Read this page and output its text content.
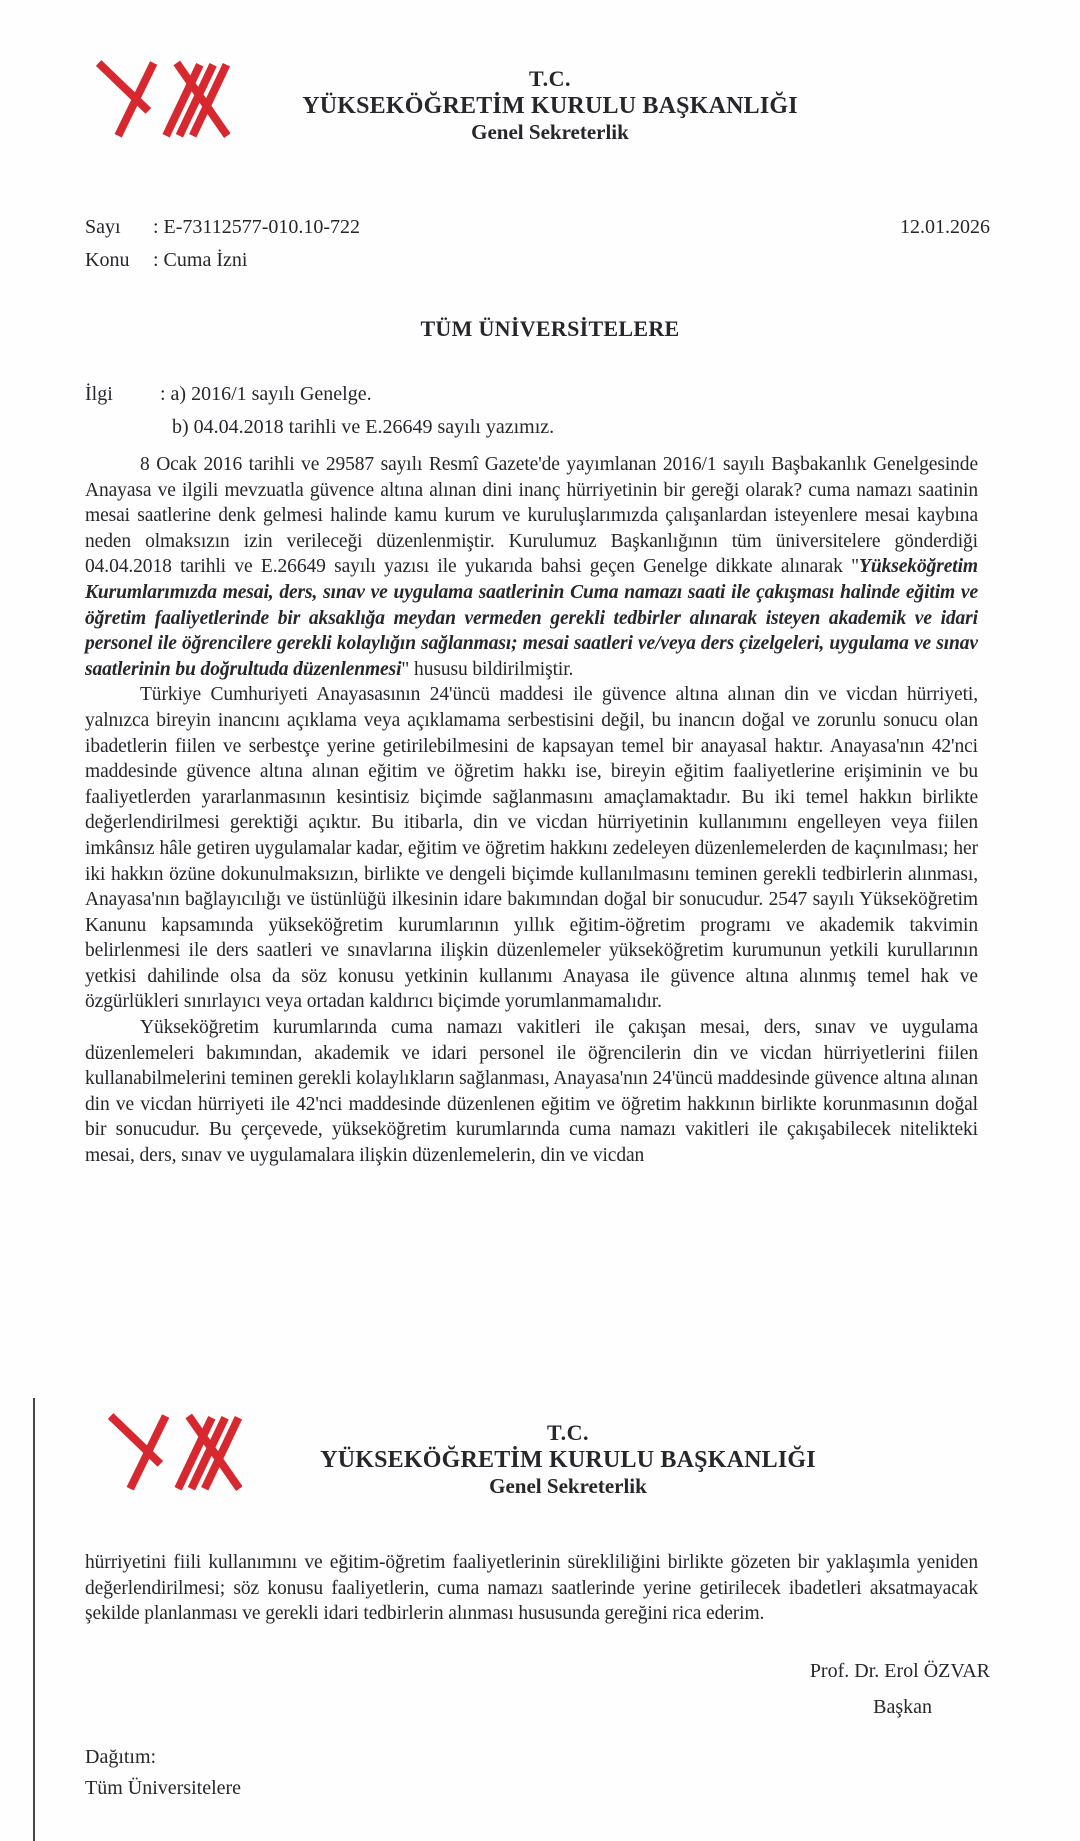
T.C.
YÜKSEKÖĞRETİM KURULU BAŞKANLIĞI
Genel Sekreterlik
Sayı	: E-73112577-010.10-722	12.01.2026
Konu	: Cuma İzni
TÜM ÜNİVERSİTELERE
İlgi	: a) 2016/1 sayılı Genelge.
b) 04.04.2018 tarihli ve E.26649 sayılı yazımız.

8 Ocak 2016 tarihli ve 29587 sayılı Resmî Gazete'de yayımlanan 2016/1 sayılı Başbakanlık Genelgesinde Anayasa ve ilgili mevzuatla güvence altına alınan dini inanç hürriyetinin bir gereği olarak? cuma namazı saatinin mesai saatlerine denk gelmesi halinde kamu kurum ve kuruluşlarımızda çalışanlardan isteyenlere mesai kaybına neden olmaksızın izin verileceği düzenlenmiştir. Kurulumuz Başkanlığının tüm üniversitelere gönderdiği 04.04.2018 tarihli ve E.26649 sayılı yazısı ile yukarıda bahsi geçen Genelge dikkate alınarak "Yükseköğretim Kurumlarımızda mesai, ders, sınav ve uygulama saatlerinin Cuma namazı saati ile çakışması halinde eğitim ve öğretim faaliyetlerinde bir aksaklığa meydan vermeden gerekli tedbirler alınarak isteyen akademik ve idari personel ile öğrencilere gerekli kolaylığın sağlanması; mesai saatleri ve/veya ders çizelgeleri, uygulama ve sınav saatlerinin bu doğrultuda düzenlenmesi" hususu bildirilmiştir.

Türkiye Cumhuriyeti Anayasasının 24'üncü maddesi ile güvence altına alınan din ve vicdan hürriyeti, yalnızca bireyin inancını açıklama veya açıklamama serbestisini değil, bu inancın doğal ve zorunlu sonucu olan ibadetlerin fiilen ve serbestçe yerine getirilebilmesini de kapsayan temel bir anayasal haktır. Anayasa'nın 42'nci maddesinde güvence altına alınan eğitim ve öğretim hakkı ise, bireyin eğitim faaliyetlerine erişiminin ve bu faaliyetlerden yararlanmasının kesintisiz biçimde sağlanmasını amaçlamaktadır. Bu iki temel hakkın birlikte değerlendirilmesi gerektiği açıktır. Bu itibarla, din ve vicdan hürriyetinin kullanımını engelleyen veya fiilen imkânsız hâle getiren uygulamalar kadar, eğitim ve öğretim hakkını zedeleyen düzenlemelerden de kaçınılması; her iki hakkın özüne dokunulmaksızın, birlikte ve dengeli biçimde kullanılmasını teminen gerekli tedbirlerin alınması, Anayasa'nın bağlayıcılığı ve üstünlüğü ilkesinin idare bakımından doğal bir sonucudur. 2547 sayılı Yükseköğretim Kanunu kapsamında yükseköğretim kurumlarının yıllık eğitim-öğretim programı ve akademik takvimin belirlenmesi ile ders saatleri ve sınavlarına ilişkin düzenlemeler yükseköğretim kurumunun yetkili kurullarının yetkisi dahilinde olsa da söz konusu yetkinin kullanımı Anayasa ile güvence altına alınmış temel hak ve özgürlükleri sınırlayıcı veya ortadan kaldırıcı biçimde yorumlanmamalıdır.

Yükseköğretim kurumlarında cuma namazı vakitleri ile çakışan mesai, ders, sınav ve uygulama düzenlemeleri bakımından, akademik ve idari personel ile öğrencilerin din ve vicdan hürriyetlerini fiilen kullanabilmelerini teminen gerekli kolaylıkların sağlanması, Anayasa'nın 24'üncü maddesinde güvence altına alınan din ve vicdan hürriyeti ile 42'nci maddesinde düzenlenen eğitim ve öğretim hakkının birlikte korunmasının doğal bir sonucudur. Bu çerçevede, yükseköğretim kurumlarında cuma namazı vakitleri ile çakışabilecek nitelikteki mesai, ders, sınav ve uygulamalara ilişkin düzenlemelerin, din ve vicdan

T.C.
YÜKSEKÖĞRETİM KURULU BAŞKANLIĞI
Genel Sekreterlik

hürriyetini fiili kullanımını ve eğitim-öğretim faaliyetlerinin sürekliliğini birlikte gözeten bir yaklaşımla yeniden değerlendirilmesi; söz konusu faaliyetlerin, cuma namazı saatlerinde yerine getirilecek ibadetleri aksatmayacak şekilde planlanması ve gerekli idari tedbirlerin alınması hususunda gereğini rica ederim.

Prof. Dr. Erol ÖZVAR
Başkan
Dağıtım:
Tüm Üniversitelere
